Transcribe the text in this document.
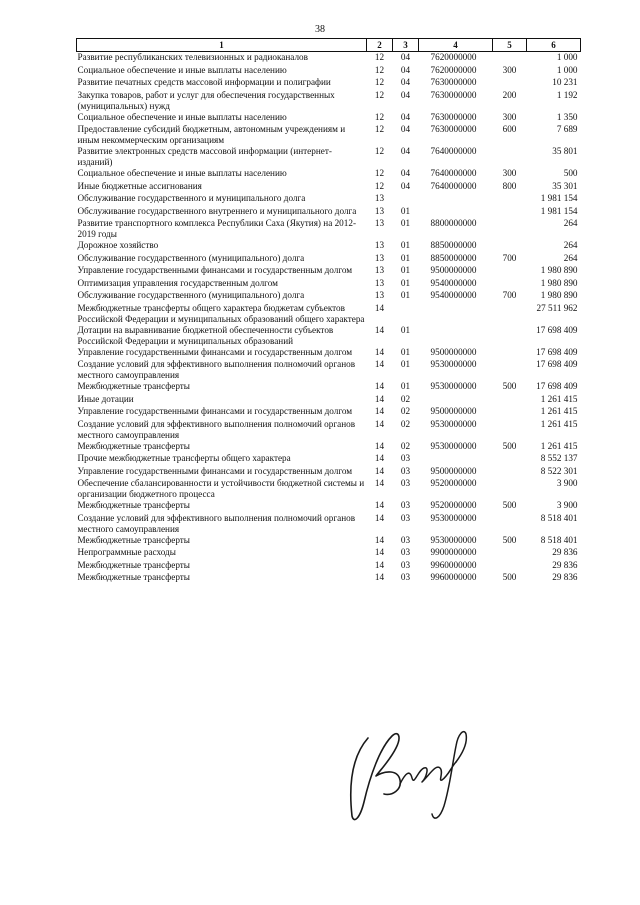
38
1	2	3	4	5	6
Развитие республиканских телевизионных и радиоканалов	12	04	7620000000		1 000
Социальное обеспечение и иные выплаты населению	12	04	7620000000	300	1 000
Развитие печатных средств массовой информации и полиграфии	12	04	7630000000		10 231
Закупка товаров, работ и услуг для обеспечения государственных (муниципальных) нужд	12	04	7630000000	200	1 192
Социальное обеспечение и иные выплаты населению	12	04	7630000000	300	1 350
Предоставление субсидий бюджетным, автономным учреждениям и иным некоммерческим организациям	12	04	7630000000	600	7 689
Развитие электронных средств массовой информации (интернет-изданий)	12	04	7640000000		35 801
Социальное обеспечение и иные выплаты населению	12	04	7640000000	300	500
Иные бюджетные ассигнования	12	04	7640000000	800	35 301
Обслуживание государственного и муниципального долга	13				1 981 154
Обслуживание государственного внутреннего и муниципального долга	13	01			1 981 154
Развитие транспортного комплекса Республики Саха (Якутия) на 2012-2019 годы	13	01	8800000000		264
Дорожное хозяйство	13	01	8850000000		264
Обслуживание государственного (муниципального) долга	13	01	8850000000	700	264
Управление государственными финансами и государственным долгом	13	01	9500000000		1 980 890
Оптимизация управления государственным долгом	13	01	9540000000		1 980 890
Обслуживание государственного (муниципального) долга	13	01	9540000000	700	1 980 890
Межбюджетные трансферты общего характера бюджетам субъектов Российской Федерации и муниципальных образований общего характера	14				27 511 962
Дотации на выравнивание бюджетной обеспеченности субъектов Российской Федерации и муниципальных образований	14	01			17 698 409
Управление государственными финансами и государственным долгом	14	01	9500000000		17 698 409
Создание условий для эффективного выполнения полномочий органов местного самоуправления	14	01	9530000000		17 698 409
Межбюджетные трансферты	14	01	9530000000	500	17 698 409
Иные дотации	14	02			1 261 415
Управление государственными финансами и государственным долгом	14	02	9500000000		1 261 415
Создание условий для эффективного выполнения полномочий органов местного самоуправления	14	02	9530000000		1 261 415
Межбюджетные трансферты	14	02	9530000000	500	1 261 415
Прочие межбюджетные трансферты общего характера	14	03			8 552 137
Управление государственными финансами и государственным долгом	14	03	9500000000		8 522 301
Обеспечение сбалансированности и устойчивости бюджетной системы и организации бюджетного процесса	14	03	9520000000		3 900
Межбюджетные трансферты	14	03	9520000000	500	3 900
Создание условий для эффективного выполнения полномочий органов местного самоуправления	14	03	9530000000		8 518 401
Межбюджетные трансферты	14	03	9530000000	500	8 518 401
Непрограммные расходы	14	03	9900000000		29 836
Межбюджетные трансферты	14	03	9960000000		29 836
Межбюджетные трансферты	14	03	9960000000	500	29 836
